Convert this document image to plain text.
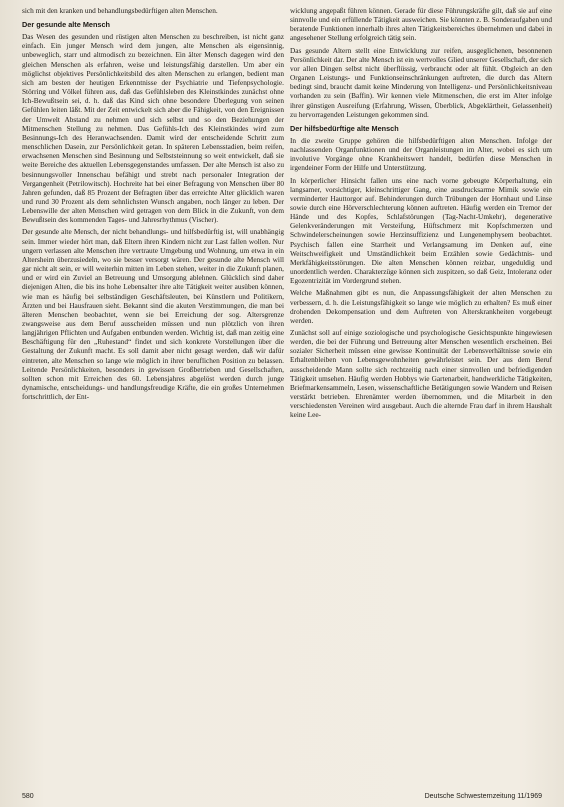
sich mit den kranken und behandlungsbedürftigen alten Menschen.

Der gesunde alte Mensch

Das Wesen des gesunden und rüstigen alten Menschen zu beschreiben, ist nicht ganz einfach. Ein junger Mensch wird dem jungen, alte Menschen als eigensinnig, unbeweglich, starr und altmodisch zu bezeichnen. Ein älter Mensch dagegen wird den gleichen Menschen als erfahren, weise und leistungsfähig darstellen. Um aber ein möglichst objektives Persönlichkeitsbild des alten Menschen zu erlangen, bedient man sich am besten der heutigen Erkenntnisse der Psychiatrie und Tiefenpsychologie. Störring und Völkel führen aus, daß das Gefühlsleben des Kleinstkindes zunächst ohne Ich-Bewußtsein sei, d. h. daß das Kind sich ohne besondere Überlegung von seinen Gefühlen leiten läßt. Mit der Zeit entwickelt sich aber die Fähigkeit, von den Ereignissen der Umwelt Abstand zu nehmen und sich selbst und so den Beziehungen der Mitmenschen Stellung zu nehmen. Das Gefühls-Ich des Kleinstkindes wird zum Besinnungs-Ich des Heranwachsenden. Damit wird der entscheidende Schritt zum menschlichen Dasein, zur Persönlichkeit getan. In späteren Lebensstadien, beim reifen, erwachsenen Menschen sind Besinnung und Selbststeinnung so weit entwickelt, daß sie weite Bereiche des aktuellen Lebensgegenstandes umfassen. Der alte Mensch ist also zu besinnungsvoller Innenschau befähigt und strebt nach personaler Integration der Vergangenheit (Petrilowitsch). Hochreite hat bei einer Befragung von Menschen über 80 Jahren gefunden, daß 85 Prozent der Befragten über das erreichte Alter glücklich waren und rund 30 Prozent als dem sehnlichsten Wunsch angaben, noch länger zu leben. Der Lebenswille der alten Menschen wird getragen von dem Blick in die Zukunft, von dem Bewußtsein des kommenden Tages- und Jahresrhythmus (Vischer).

Der gesunde alte Mensch, der nicht behandlungs- und hilfsbedürftig ist, will unabhängig sein. Immer wieder hört man, daß Eltern ihren Kindern nicht zur Last fallen wollen. Nur ungern verlassen alte Menschen ihre vertraute Umgebung und Wohnung, um etwa in ein Altersheim überzusiedeln, wo sie besser versorgt wären. Der gesunde alte Mensch will gar nicht alt sein, er will weiterhin mitten im Leben stehen, weiter in die Zukunft planen, und er wird ein Zuviel an Betreuung und Umsorgung ablehnen. Glücklich sind daher diejenigen Alten, die bis ins hohe Lebensalter ihre alte Tätigkeit weiter ausüben können, wie man es häufig bei selbständigen Geschäftsleuten, bei Künstlern und Politikern, Ärzten und bei Hausfrauen sieht. Bekannt sind die akuten Verstimmungen, die man bei älteren Menschen beobachtet, wenn sie bei Erreichung der sog. Altersgrenze zwangsweise aus dem Beruf ausscheiden müssen und nun plötzlich von ihren langjährigen Pflichten und Aufgaben entbunden werden. Wichtig ist, daß man zeitig eine Beschäftigung für den „Ruhestand“ findet und sich konkrete Vorstellungen über die Gestaltung der Zukunft macht. Es soll damit aber nicht gesagt werden, daß wir dafür eintreten, alte Menschen so lange wie möglich in ihrer beruflichen Position zu belassen. Leitende Persönlichkeiten, besonders in gewissen Großbetrieben und Gesellschaften, sollten schon mit Erreichen des 60. Lebensjahres abgelöst werden durch junge dynamische, entscheidungs- und handlungsfreudige Kräfte, die ein großes Unternehmen fortschrittlich, der Ent-

wicklung angepaßt führen können. Gerade für diese Führungskräfte gilt, daß sie auf eine sinnvolle und ein erfüllende Tätigkeit ausweichen. Sie könnten z. B. Sonderaufgaben und beratende Funktionen innerhalb ihres alten Tätigkeitsbereiches übernehmen und dabei in angesehener Stellung erfolgreich tätig sein.

Das gesunde Altern stellt eine Entwicklung zur reifen, ausgeglichenen, besonnenen Persönlichkeit dar. Der alte Mensch ist ein wertvolles Glied unserer Gesellschaft, der sich vor allen Dingen selbst nicht überflüssig, verbraucht oder alt fühlt. Obgleich an den Organen Leistungs- und Funktionseinschränkungen auftreten, die durch das Altern bedingt sind, braucht damit keine Minderung von Intelligenz- und Persönlichkeitsniveau vorhanden zu sein (Baffin). Wir kennen viele Mitmenschen, die erst im Alter infolge ihrer günstigen Ausreifung (Erfahrung, Wissen, Überblick, Abgeklärtheit, Gelassenheit) zu hervorragenden Leistungen gekommen sind.

Der hilfsbedürftige alte Mensch

In die zweite Gruppe gehören die hilfsbedürftigen alten Menschen. Infolge der nachlassenden Organfunktionen und der Organleistungen im Alter, wobei es sich um involutive Vorgänge ohne Krankheitswert handelt, bedürfen diese Menschen in irgendeiner Form der Hilfe und Unterstützung.

In körperlicher Hinsicht fallen uns eine nach vorne gebeugte Körperhaltung, ein langsamer, vorsichtiger, kleinschrittiger Gang, eine ausdrucksarme Mimik sowie ein verminderter Hauttorgor auf. Behinderungen durch Trübungen der Hornhaut und Linse sowie durch eine Hörverschlechterung können auftreten. Häufig werden ein Tremor der Hände und des Kopfes, Schlafstörungen (Tag-Nacht-Umkehr), degenerative Gelenkveränderungen mit Versteifung, Hüftschmerz mit Kopfschmerzen und Schwindelerscheinungen sowie Herzinsuffizienz und Lungenemphysem beobachtet. Psychisch fallen eine Starrheit und Verlangsamung im Denken auf, eine Weitschweifigkeit und Umständlichkeit beim Erzählen sowie Gedächtnis- und Merkfähigkeitsstörungen. Die alten Menschen können reizbar, ungeduldig und unordentlich werden. Charakterzüge können sich zuspitzen, so daß Geiz, Intoleranz oder Egozentrizität im Vordergrund stehen.

Welche Maßnahmen gibt es nun, die Anpassungsfähigkeit der alten Menschen zu verbessern, d. h. die Leistungsfähigkeit so lange wie möglich zu erhalten? Es muß einer drohenden Dekompensation und dem Auftreten von Alterskrankheiten vorgebeugt werden.

Zunächst soll auf einige soziologische und psychologische Gesichtspunkte hingewiesen werden, die bei der Führung und Betreuung alter Menschen wesentlich erscheinen. Bei sozialer Sicherheit müssen eine gewisse Kontinuität der Lebensverhältnisse sowie ein Erhaltenbleiben von Lebensgewohnheiten gewährleistet sein. Der aus dem Beruf ausscheidende Mann sollte sich rechtzeitig nach einer sinnvollen und befriedigenden Tätigkeit umsehen. Häufig werden Hobbys wie Gartenarbeit, handwerkliche Tätigkeiten, Briefmarkensammeln, Lesen, wissenschaftliche Betätigungen sowie Wandern und Reisen verstärkt betrieben. Ehrenämter werden übernommen, und die Mitarbeit in den verschiedensten Vereinen wird ausgebaut. Auch die alternde Frau darf in ihrem Haushalt keine Lee-

580	Deutsche Schwesternzeitung 11/1969
